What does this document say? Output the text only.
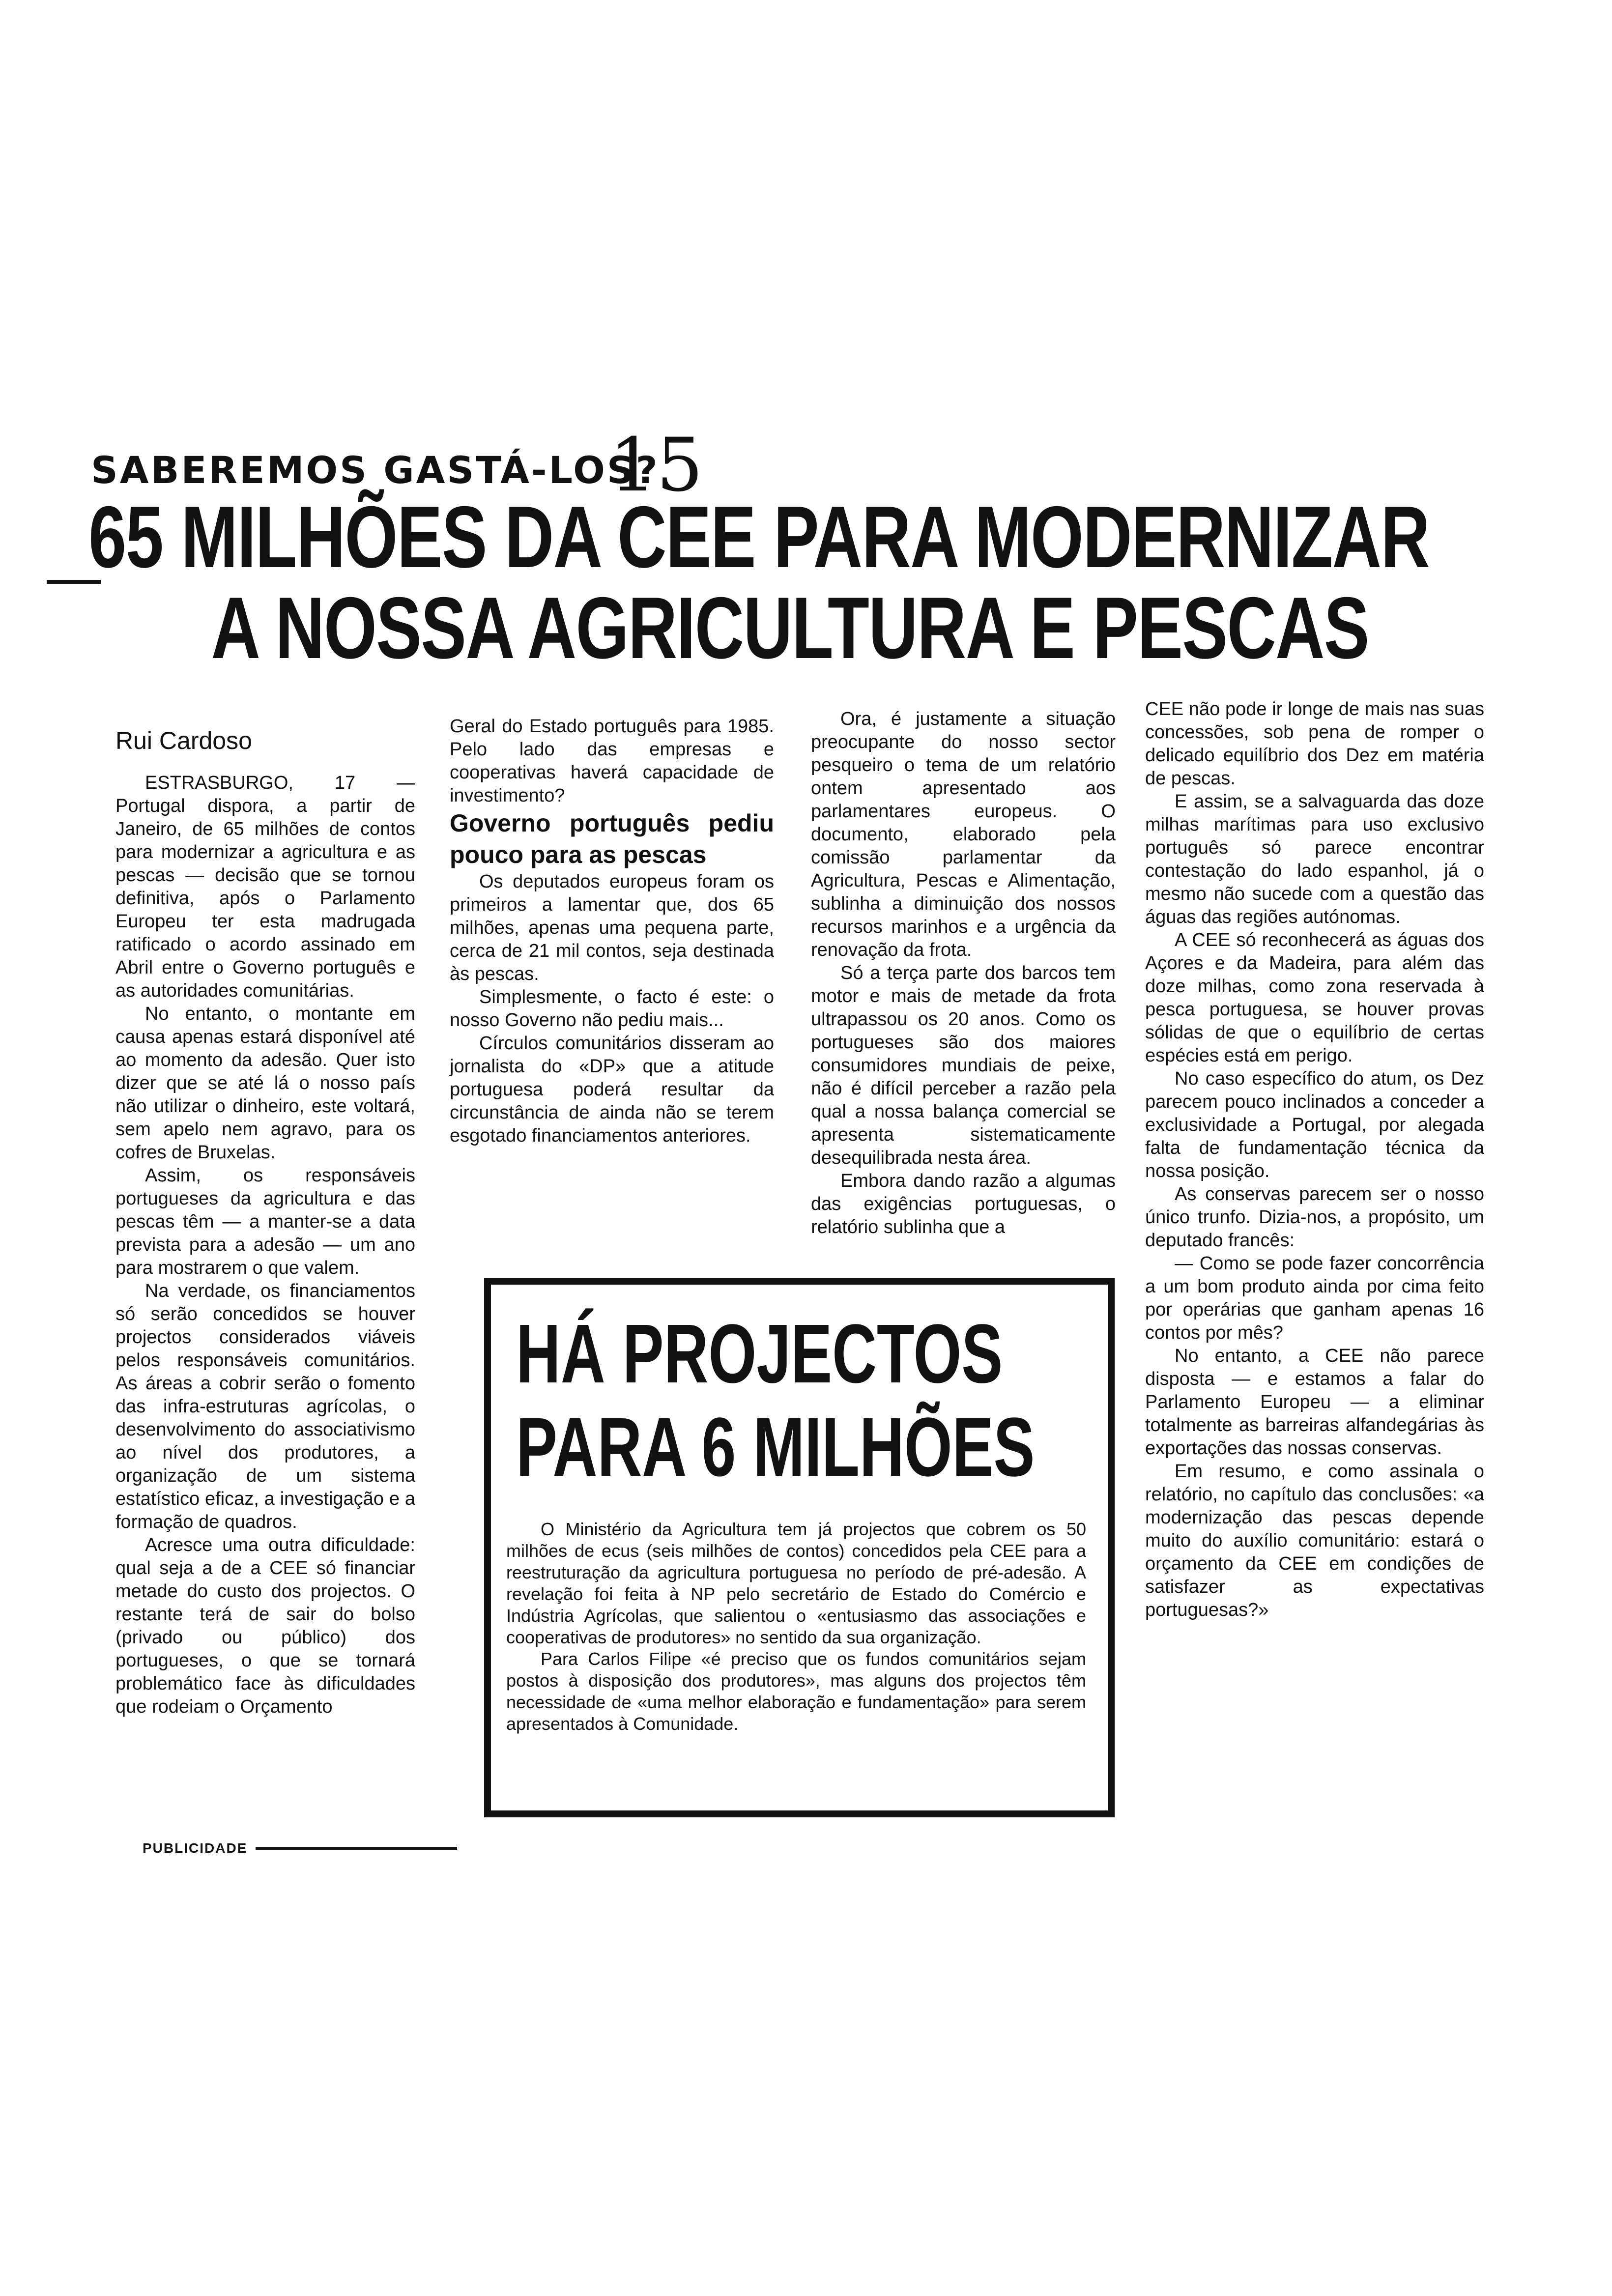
SABEREMOS GASTÁ-LOS?
15
65 MILHÕES DA CEE PARA MODERNIZAR
A NOSSA AGRICULTURA E PESCAS
Rui Cardoso

ESTRASBURGO, 17 — Portugal dispora, a partir de Janeiro, de 65 milhões de contos para modernizar a agricultura e as pescas — decisão que se tornou definitiva, após o Parlamento Europeu ter esta madrugada ratificado o acordo assinado em Abril entre o Governo português e as autoridades comunitárias.

No entanto, o montante em causa apenas estará disponível até ao momento da adesão. Quer isto dizer que se até lá o nosso país não utilizar o dinheiro, este voltará, sem apelo nem agravo, para os cofres de Bruxelas.

Assim, os responsáveis portugueses da agricultura e das pescas têm — a manter-se a data prevista para a adesão — um ano para mostrarem o que valem.

Na verdade, os financiamentos só serão concedidos se houver projectos considerados viáveis pelos responsáveis comunitários. As áreas a cobrir serão o fomento das infra-estruturas agrícolas, o desenvolvimento do associativismo ao nível dos produtores, a organização de um sistema estatístico eficaz, a investigação e a formação de quadros.

Acresce uma outra dificuldade: qual seja a de a CEE só financiar metade do custo dos projectos. O restante terá de sair do bolso (privado ou público) dos portugueses, o que se tornará problemático face às dificuldades que rodeiam o Orçamento

Geral do Estado português para 1985. Pelo lado das empresas e cooperativas haverá capacidade de investimento?

Governo português pediu pouco para as pescas

Os deputados europeus foram os primeiros a lamentar que, dos 65 milhões, apenas uma pequena parte, cerca de 21 mil contos, seja destinada às pescas.

Simplesmente, o facto é este: o nosso Governo não pediu mais...

Círculos comunitários disseram ao jornalista do «DP» que a atitude portuguesa poderá resultar da circunstância de ainda não se terem esgotado financiamentos anteriores.

Ora, é justamente a situação preocupante do nosso sector pesqueiro o tema de um relatório ontem apresentado aos parlamentares europeus. O documento, elaborado pela comissão parlamentar da Agricultura, Pescas e Alimentação, sublinha a diminuição dos nossos recursos marinhos e a urgência da renovação da frota.

Só a terça parte dos barcos tem motor e mais de metade da frota ultrapassou os 20 anos. Como os portugueses são dos maiores consumidores mundiais de peixe, não é difícil perceber a razão pela qual a nossa balança comercial se apresenta sistematicamente desequilibrada nesta área.

Embora dando razão a algumas das exigências portuguesas, o relatório sublinha que a

CEE não pode ir longe de mais nas suas concessões, sob pena de romper o delicado equilíbrio dos Dez em matéria de pescas.

E assim, se a salvaguarda das doze milhas marítimas para uso exclusivo português só parece encontrar contestação do lado espanhol, já o mesmo não sucede com a questão das águas das regiões autónomas.

A CEE só reconhecerá as águas dos Açores e da Madeira, para além das doze milhas, como zona reservada à pesca portuguesa, se houver provas sólidas de que o equilíbrio de certas espécies está em perigo.

No caso específico do atum, os Dez parecem pouco inclinados a conceder a exclusividade a Portugal, por alegada falta de fundamentação técnica da nossa posição.

As conservas parecem ser o nosso único trunfo. Dizia-nos, a propósito, um deputado francês:

— Como se pode fazer concorrência a um bom produto ainda por cima feito por operárias que ganham apenas 16 contos por mês?

No entanto, a CEE não parece disposta — e estamos a falar do Parlamento Europeu — a eliminar totalmente as barreiras alfandegárias às exportações das nossas conservas.

Em resumo, e como assinala o relatório, no capítulo das conclusões: «a modernização das pescas depende muito do auxílio comunitário: estará o orçamento da CEE em condições de satisfazer as expectativas portuguesas?»

HÁ PROJECTOS
PARA 6 MILHÕES

O Ministério da Agricultura tem já projectos que cobrem os 50 milhões de ecus (seis milhões de contos) concedidos pela CEE para a reestruturação da agricultura portuguesa no período de pré-adesão. A revelação foi feita à NP pelo secretário de Estado do Comércio e Indústria Agrícolas, que salientou o «entusiasmo das associações e cooperativas de produtores» no sentido da sua organização.

Para Carlos Filipe «é preciso que os fundos comunitários sejam postos à disposição dos produtores», mas alguns dos projectos têm necessidade de «uma melhor elaboração e fundamentação» para serem apresentados à Comunidade.

PUBLICIDADE
